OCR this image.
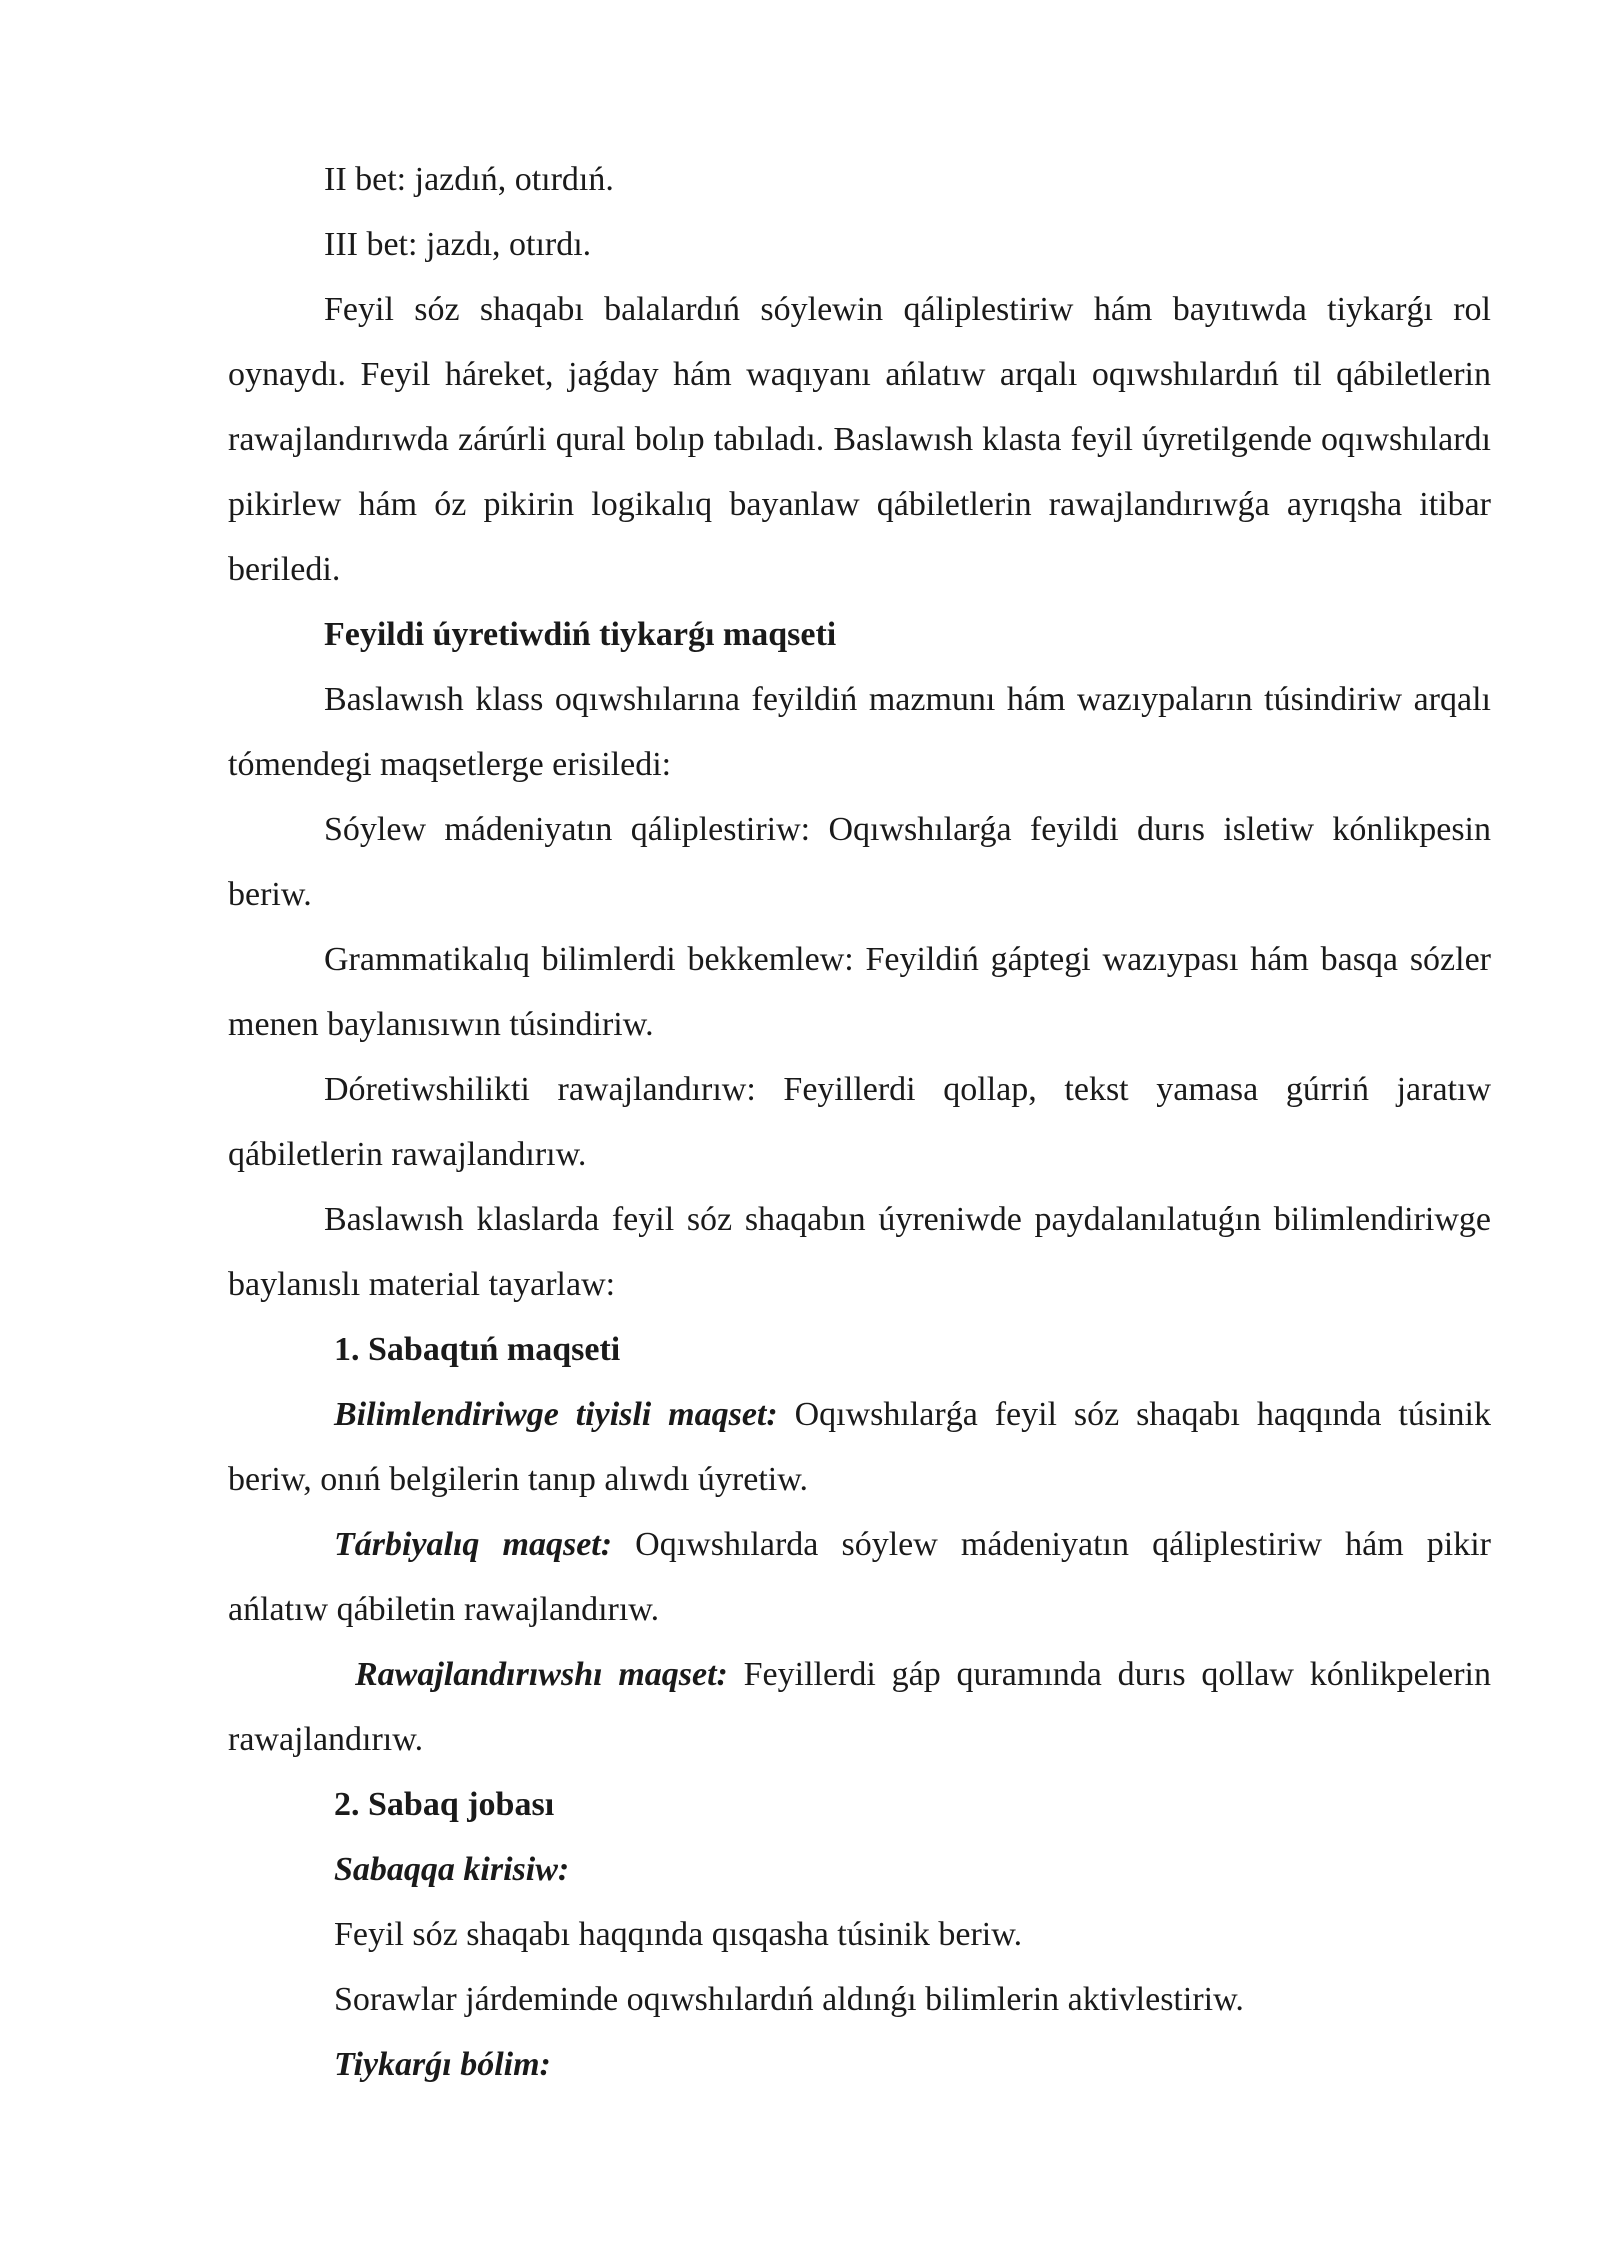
II bet: jazdıń, otırdıń.

III bet: jazdı, otırdı.

Feyil sóz shaqabı balalardıń sóylewin qáliplestiriw hám bayıtıwda tiykarǵı rol oynaydı. Feyil háreket, jaǵday hám waqıyanı ańlatıw arqalı oqıwshılardıń til qábiletlerin rawajlandırıwda zárúrli qural bolıp tabıladı. Baslawısh klasta feyil úyretilgende oqıwshılardı pikirlew hám óz pikirin logikalıq bayanlaw qábiletlerin rawajlandırıwǵa ayrıqsha itibar beriledi.

Feyildi úyretiwdiń tiykarǵı maqseti

Baslawısh klass oqıwshılarına feyildiń mazmunı hám wazıypaların túsindiriw arqalı tómendegi maqsetlerge erisiledi:

Sóylew mádeniyatın qáliplestiriw: Oqıwshılarǵa feyildi durıs isletiw kónlikpesin beriw.

Grammatikalıq bilimlerdi bekkemlew: Feyildiń gáptegi wazıypası hám basqa sózler menen baylanısıwın túsindiriw.

Dóretiwshilikti rawajlandırıw: Feyillerdi qollap, tekst yamasa gúrriń jaratıw qábiletlerin rawajlandırıw.

Baslawısh klaslarda feyil sóz shaqabın úyreniwde paydalanılatuǵın bilimlendiriwge baylanıslı material tayarlaw:

1. Sabaqtıń maqseti

Bilimlendiriwge tiyisli maqset: Oqıwshılarǵa feyil sóz shaqabı haqqında túsinik beriw, onıń belgilerin tanıp alıwdı úyretiw.

Tárbiyalıq maqset: Oqıwshılarda sóylew mádeniyatın qáliplestiriw hám pikir ańlatıw qábiletin rawajlandırıw.

Rawajlandırıwshı maqset: Feyillerdi gáp quramında durıs qollaw kónlikpelerin rawajlandırıw.

2. Sabaq jobası

Sabaqqa kirisiw:

Feyil sóz shaqabı haqqında qısqasha túsinik beriw.

Sorawlar járdeminde oqıwshılardıń aldınǵı bilimlerin aktivlestiriw.

Tiykarǵı bólim:
